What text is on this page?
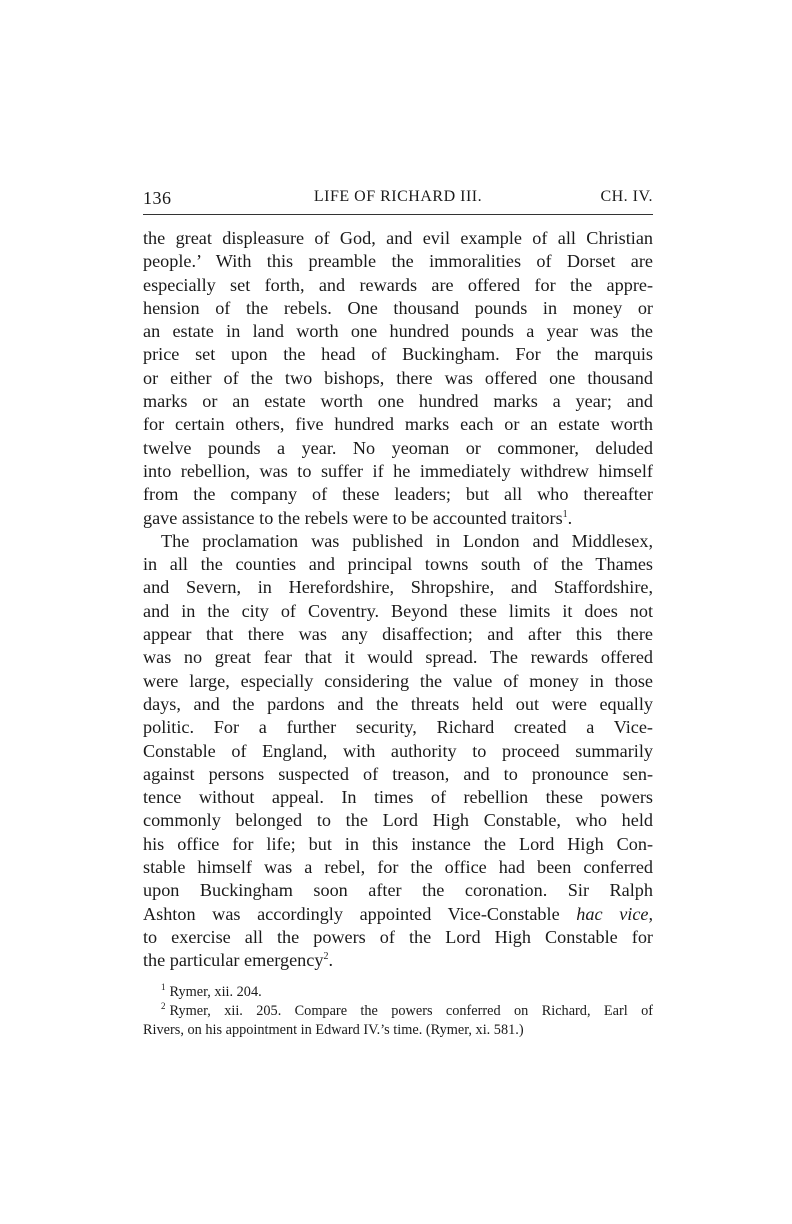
136	LIFE OF RICHARD III.	CH. IV.
the great displeasure of God, and evil example of all Christian
people.’ With this preamble the immoralities of Dorset are
especially set forth, and rewards are offered for the appre-
hension of the rebels. One thousand pounds in money or
an estate in land worth one hundred pounds a year was the
price set upon the head of Buckingham. For the marquis
or either of the two bishops, there was offered one thousand
marks or an estate worth one hundred marks a year; and
for certain others, five hundred marks each or an estate worth
twelve pounds a year. No yeoman or commoner, deluded
into rebellion, was to suffer if he immediately withdrew himself
from the company of these leaders; but all who thereafter
gave assistance to the rebels were to be accounted traitors$^1$.
The proclamation was published in London and Middlesex,
in all the counties and principal towns south of the Thames
and Severn, in Herefordshire, Shropshire, and Staffordshire,
and in the city of Coventry. Beyond these limits it does not
appear that there was any disaffection; and after this there
was no great fear that it would spread. The rewards offered
were large, especially considering the value of money in those
days, and the pardons and the threats held out were equally
politic. For a further security, Richard created a Vice-
Constable of England, with authority to proceed summarily
against persons suspected of treason, and to pronounce sen-
tence without appeal. In times of rebellion these powers
commonly belonged to the Lord High Constable, who held
his office for life; but in this instance the Lord High Con-
stable himself was a rebel, for the office had been conferred
upon Buckingham soon after the coronation. Sir Ralph
Ashton was accordingly appointed Vice-Constable hac vice,
to exercise all the powers of the Lord High Constable for
the particular emergency$^2$.
$^1$ Rymer, xii. 204.
$^2$ Rymer, xii. 205. Compare the powers conferred on Richard, Earl of
Rivers, on his appointment in Edward IV.’s time. (Rymer, xi. 581.)
